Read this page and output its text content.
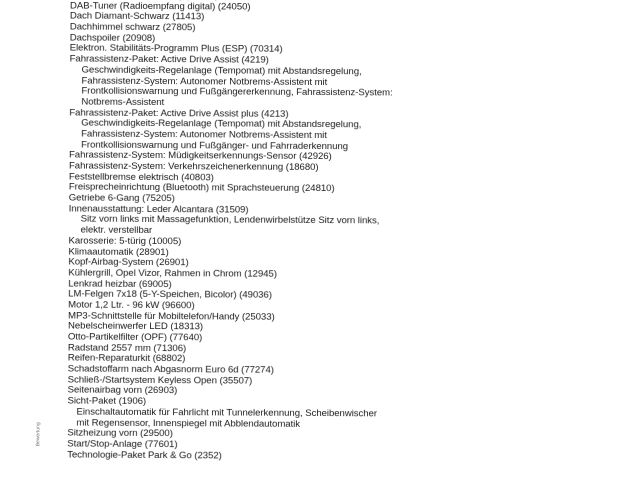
DAB-Tuner (Radioempfang digital) (24050)
Dach Diamant-Schwarz (11413)
Dachhimmel schwarz (27805)
Dachspoiler (20908)
Elektron. Stabilitäts-Programm Plus (ESP) (70314)
Fahrassistenz-Paket: Active Drive Assist (4219)
Geschwindigkeits-Regelanlage (Tempomat) mit Abstandsregelung,
Fahrassistenz-System: Autonomer Notbrems-Assistent mit
Frontkollisionswarnung und Fußgängererkennung, Fahrassistenz-System:
Notbrems-Assistent
Fahrassistenz-Paket: Active Drive Assist plus (4213)
Geschwindigkeits-Regelanlage (Tempomat) mit Abstandsregelung,
Fahrassistenz-System: Autonomer Notbrems-Assistent mit
Frontkollisionswarnung und Fußgänger- und Fahrraderkennung
Fahrassistenz-System: Müdigkeitserkennungs-Sensor (42926)
Fahrassistenz-System: Verkehrszeichenerkennung (18680)
Feststellbremse elektrisch (40803)
Freisprecheinrichtung (Bluetooth) mit Sprachsteuerung (24810)
Getriebe 6-Gang (75205)
Innenausstattung: Leder Alcantara (31509)
Sitz vorn links mit Massagefunktion, Lendenwirbelstütze Sitz vorn links,
elektr. verstellbar
Karosserie: 5-türig (10005)
Klimaautomatik (28901)
Kopf-Airbag-System (26901)
Kühlergrill, Opel Vizor, Rahmen in Chrom (12945)
Lenkrad heizbar (69005)
LM-Felgen 7x18 (5-Y-Speichen, Bicolor) (49036)
Motor 1,2 Ltr. - 96 kW (96600)
MP3-Schnittstelle für Mobiltelefon/Handy (25033)
Nebelscheinwerfer LED (18313)
Otto-Partikelfilter (OPF) (77640)
Radstand 2557 mm (71306)
Reifen-Reparaturkit (68802)
Schadstoffarm nach Abgasnorm Euro 6d (77274)
Schließ-/Startsystem Keyless Open (35507)
Seitenairbag vorn (26903)
Sicht-Paket (1906)
Einschaltautomatik für Fahrlicht mit Tunnelerkennung, Scheibenwischer
mit Regensensor, Innenspiegel mit Abblendautomatik
Sitzheizung vorn (29500)
Start/Stop-Anlage (77601)
Technologie-Paket Park & Go (2352)
Bewertung
